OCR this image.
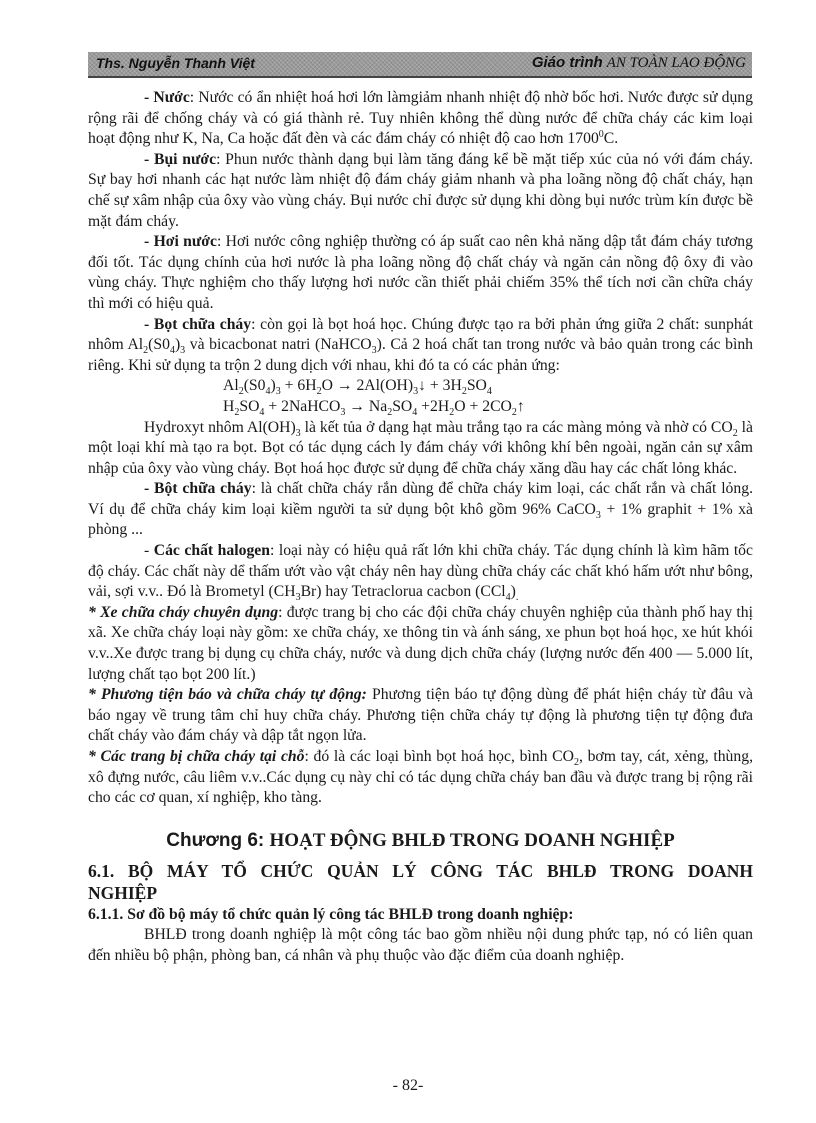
Ths. Nguyễn Thanh Việt	Giáo trình AN TOÀN LAO ĐỘNG

- Nước: Nước có ẩn nhiệt hoá hơi lớn làmgiảm nhanh nhiệt độ nhờ bốc hơi. Nước được sử dụng rộng rãi để chống cháy và có giá thành rẻ. Tuy nhiên không thể dùng nước để chữa cháy các kim loại hoạt động như K, Na, Ca hoặc đất đèn và các đám cháy có nhiệt độ cao hơn 1700$^0$C.

- Bụi nước: Phun nước thành dạng bụi làm tăng đáng kể bề mặt tiếp xúc của nó với đám cháy. Sự bay hơi nhanh các hạt nước làm nhiệt độ đám cháy giảm nhanh và pha loãng nồng độ chất cháy, hạn chế sự xâm nhập của ôxy vào vùng cháy. Bụi nước chỉ được sử dụng khi dòng bụi nước trùm kín được bề mặt đám cháy.

- Hơi nước: Hơi nước công nghiệp thường có áp suất cao nên khả năng dập tắt đám cháy tương đối tốt. Tác dụng chính của hơi nước là pha loãng nồng độ chất cháy và ngăn cản nồng độ ôxy đi vào vùng cháy. Thực nghiệm cho thấy lượng hơi nước cần thiết phải chiếm 35% thể tích nơi cần chữa cháy thì mới có hiệu quả.

- Bọt chữa cháy: còn gọi là bọt hoá học. Chúng được tạo ra bởi phản ứng giữa 2 chất: sunphát nhôm $Al_2(S0_4)_3$ và bicacbonat natri (NaHCO$_3$). Cả 2 hoá chất tan trong nước và bảo quản trong các bình riêng. Khi sử dụng ta trộn 2 dung dịch với nhau, khi đó ta có các phản ứng:

$Al_2(S0_4)_3 + 6H_2O$ → $2Al(OH)_3↓ + 3H_2SO_4$

$H_2SO_4$ + 2NaHCO$_3$ → $Na_2SO_4 +2H_2O$ + $2CO_2↑$

Hydroxyt nhôm $Al(OH)_3$ là kết tủa ở dạng hạt màu trắng tạo ra các màng mỏng và nhờ có $CO_2$ là một loại khí mà tạo ra bọt. Bọt có tác dụng cách ly đám cháy với không khí bên ngoài, ngăn cản sự xâm nhập của ôxy vào vùng cháy. Bọt hoá học được sử dụng để chữa cháy xăng dầu hay các chất lỏng khác.

- Bột chữa cháy: là chất chữa cháy rắn dùng để chữa cháy kim loại, các chất rắn và chất lỏng. Ví dụ để chữa cháy kim loại kiềm người ta sử dụng bột khô gồm 96% CaCO$_3$ + 1% graphit + 1% xà phòng ...

- Các chất halogen: loại này có hiệu quả rất lớn khi chữa cháy. Tác dụng chính là kìm hãm tốc độ cháy. Các chất này dể thấm ướt vào vật cháy nên hay dùng chữa cháy các chất khó hấm ướt như bông, vải, sợi v.v.. Đó là Brometyl $(CH_3Br)$ hay Tetraclorua cacbon $(CCl_4)_.$

* Xe chữa cháy chuyên dụng: được trang bị cho các đội chữa cháy chuyên nghiệp của thành phố hay thị xã. Xe chữa cháy loại này gồm: xe chữa cháy, xe thông tin và ánh sáng, xe phun bọt hoá học, xe hút khói v.v..Xe được trang bị dụng cụ chữa cháy, nước và dung dịch chữa cháy (lượng nước đến 400 — 5.000 lít, lượng chất tạo bọt 200 lít.)

* Phương tiện báo và chữa cháy tự động: Phương tiện báo tự động dùng để phát hiện cháy từ đâu và báo ngay về trung tâm chỉ huy chữa cháy. Phương tiện chữa cháy tự động là phương tiện tự động đưa chất cháy vào đám cháy và dập tắt ngọn lửa.

* Các trang bị chữa cháy tại chỗ: đó là các loại bình bọt hoá học, bình $CO_2$, bơm tay, cát, xẻng, thùng, xô đựng nước, câu liêm v.v..Các dụng cụ này chỉ có tác dụng chữa cháy ban đầu và được trang bị rộng rãi cho các cơ quan, xí nghiệp, kho tàng.

Chương 6: HOẠT ĐỘNG BHLĐ TRONG DOANH NGHIỆP
6.1. BỘ MÁY TỔ CHỨC QUẢN LÝ CÔNG TÁC BHLĐ TRONG DOANH NGHIỆP
6.1.1. Sơ đồ bộ máy tổ chức quản lý công tác BHLĐ trong doanh nghiệp:

BHLĐ trong doanh nghiệp là một công tác bao gồm nhiều nội dung phức tạp, nó có liên quan đến nhiều bộ phận, phòng ban, cá nhân và phụ thuộc vào đặc điểm của doanh nghiệp.

- 82-
